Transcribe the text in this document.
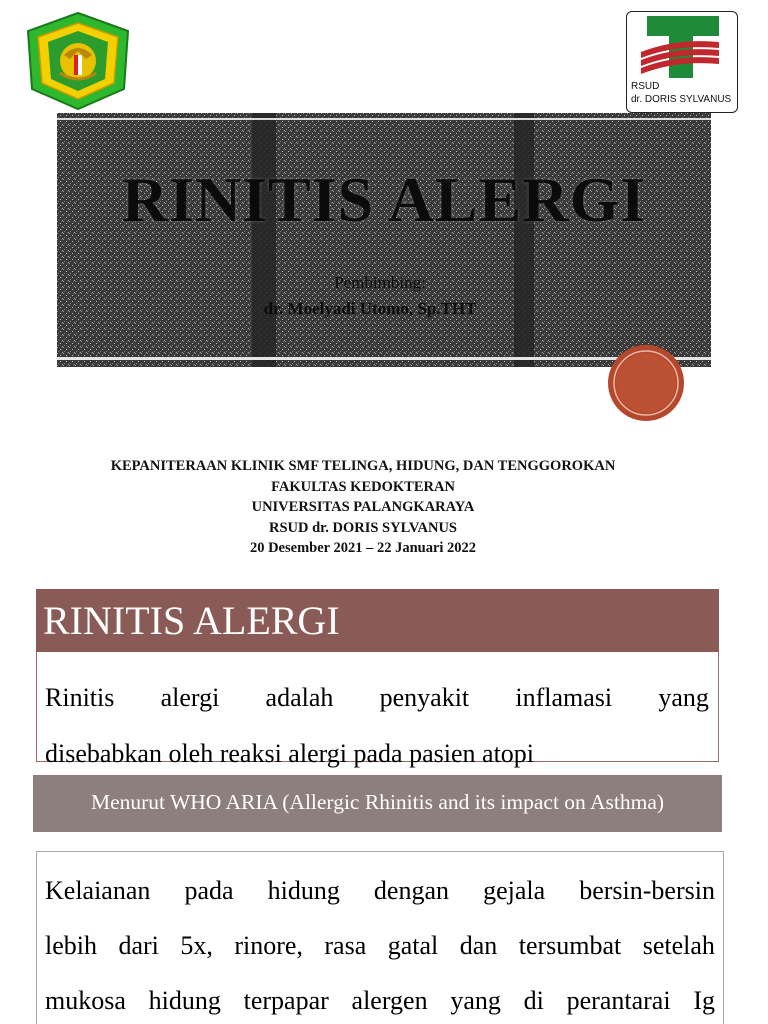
RSUD
dr. DORIS SYLVANUS
RINITIS ALERGI
Pembimbing:
dr. Moelyadi Utomo, Sp.THT
KEPANITERAAN KLINIK SMF TELINGA, HIDUNG, DAN TENGGOROKAN
FAKULTAS KEDOKTERAN
UNIVERSITAS PALANGKARAYA
RSUD dr. DORIS SYLVANUS
20 Desember 2021 – 22 Januari 2022
RINITIS ALERGI

Rinitis alergi adalah penyakit inflamasi yang
disebabkan oleh reaksi alergi pada pasien atopi

Menurut WHO ARIA (Allergic Rhinitis and its impact on Asthma)
Kelaianan pada hidung dengan gejala bersin-bersin
lebih dari 5x, rinore, rasa gatal dan tersumbat setelah
mukosa hidung terpapar alergen yang di perantarai Ig
